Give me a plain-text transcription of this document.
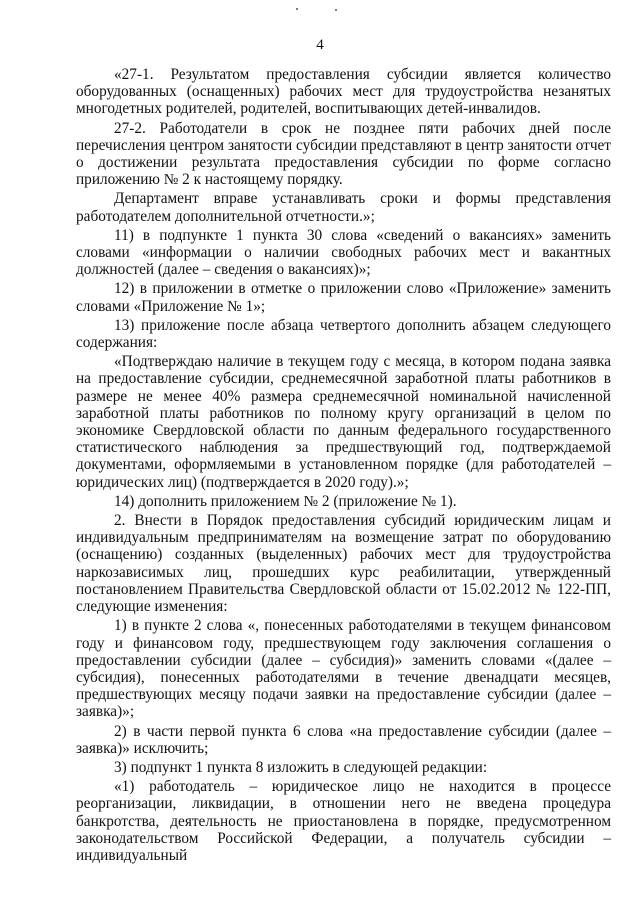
4

«27-1. Результатом предоставления субсидии является количество оборудованных (оснащенных) рабочих мест для трудоустройства незанятых многодетных родителей, родителей, воспитывающих детей-инвалидов.

27-2. Работодатели в срок не позднее пяти рабочих дней после перечисления центром занятости субсидии представляют в центр занятости отчет о достижении результата предоставления субсидии по форме согласно приложению № 2 к настоящему порядку.

Департамент вправе устанавливать сроки и формы представления работодателем дополнительной отчетности.»;

11) в подпункте 1 пункта 30 слова «сведений о вакансиях» заменить словами «информации о наличии свободных рабочих мест и вакантных должностей (далее – сведения о вакансиях)»;

12) в приложении в отметке о приложении слово «Приложение» заменить словами «Приложение № 1»;

13) приложение после абзаца четвертого дополнить абзацем следующего содержания:

«Подтверждаю наличие в текущем году с месяца, в котором подана заявка на предоставление субсидии, среднемесячной заработной платы работников в размере не менее 40% размера среднемесячной номинальной начисленной заработной платы работников по полному кругу организаций в целом по экономике Свердловской области по данным федерального государственного статистического наблюдения за предшествующий год, подтверждаемой документами, оформляемыми в установленном порядке (для работодателей – юридических лиц) (подтверждается в 2020 году).»;

14) дополнить приложением № 2 (приложение № 1).

2. Внести в Порядок предоставления субсидий юридическим лицам и индивидуальным предпринимателям на возмещение затрат по оборудованию (оснащению) созданных (выделенных) рабочих мест для трудоустройства наркозависимых лиц, прошедших курс реабилитации, утвержденный постановлением Правительства Свердловской области от 15.02.2012 № 122-ПП, следующие изменения:

1) в пункте 2 слова «, понесенных работодателями в текущем финансовом году и финансовом году, предшествующем году заключения соглашения о предоставлении субсидии (далее – субсидия)» заменить словами «(далее – субсидия), понесенных работодателями в течение двенадцати месяцев, предшествующих месяцу подачи заявки на предоставление субсидии (далее – заявка)»;

2) в части первой пункта 6 слова «на предоставление субсидии (далее – заявка)» исключить;

3) подпункт 1 пункта 8 изложить в следующей редакции:

«1) работодатель – юридическое лицо не находится в процессе реорганизации, ликвидации, в отношении него не введена процедура банкротства, деятельность не приостановлена в порядке, предусмотренном законодательством Российской Федерации, а получатель субсидии – индивидуальный
